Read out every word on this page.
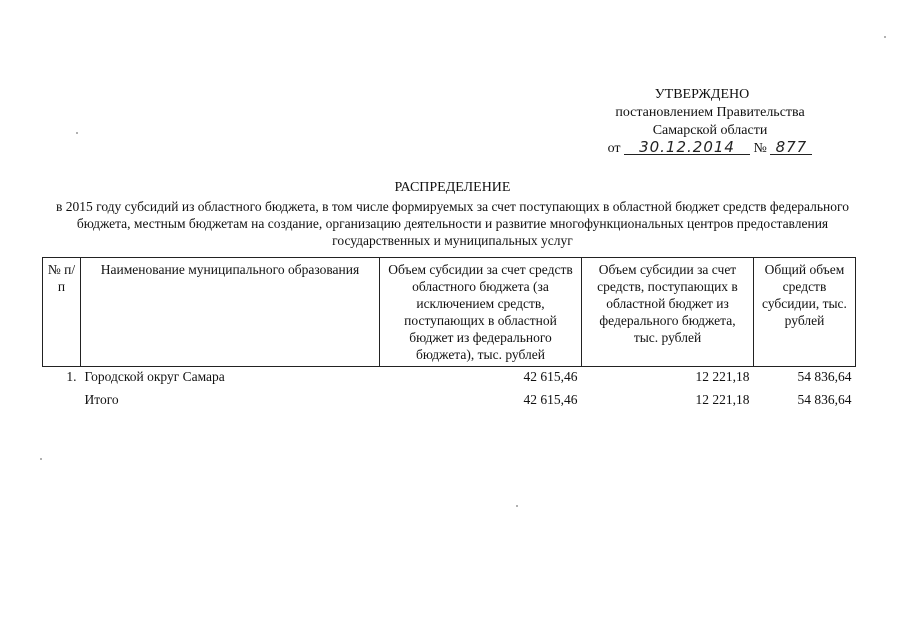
УТВЕРЖДЕНО
постановлением Правительства
Самарской области
от 30.12.2014 № 877
РАСПРЕДЕЛЕНИЕ
в 2015 году субсидий из областного бюджета, в том числе формируемых за счет поступающих в областной бюджет средств федерального бюджета, местным бюджетам на создание, организацию деятельности и развитие многофункциональных центров предоставления государственных и муниципальных услуг
№ п/п	Наименование муниципального образования	Объем субсидии за счет средств областного бюджета (за исключением средств, поступающих в областной бюджет из федерального бюджета), тыс. рублей	Объем субсидии за счет средств, поступающих в областной бюджет из федерального бюджета, тыс. рублей	Общий объем средств субсидии, тыс. рублей
1.	Городской округ Самара	42 615,46	12 221,18	54 836,64
	Итого	42 615,46	12 221,18	54 836,64
